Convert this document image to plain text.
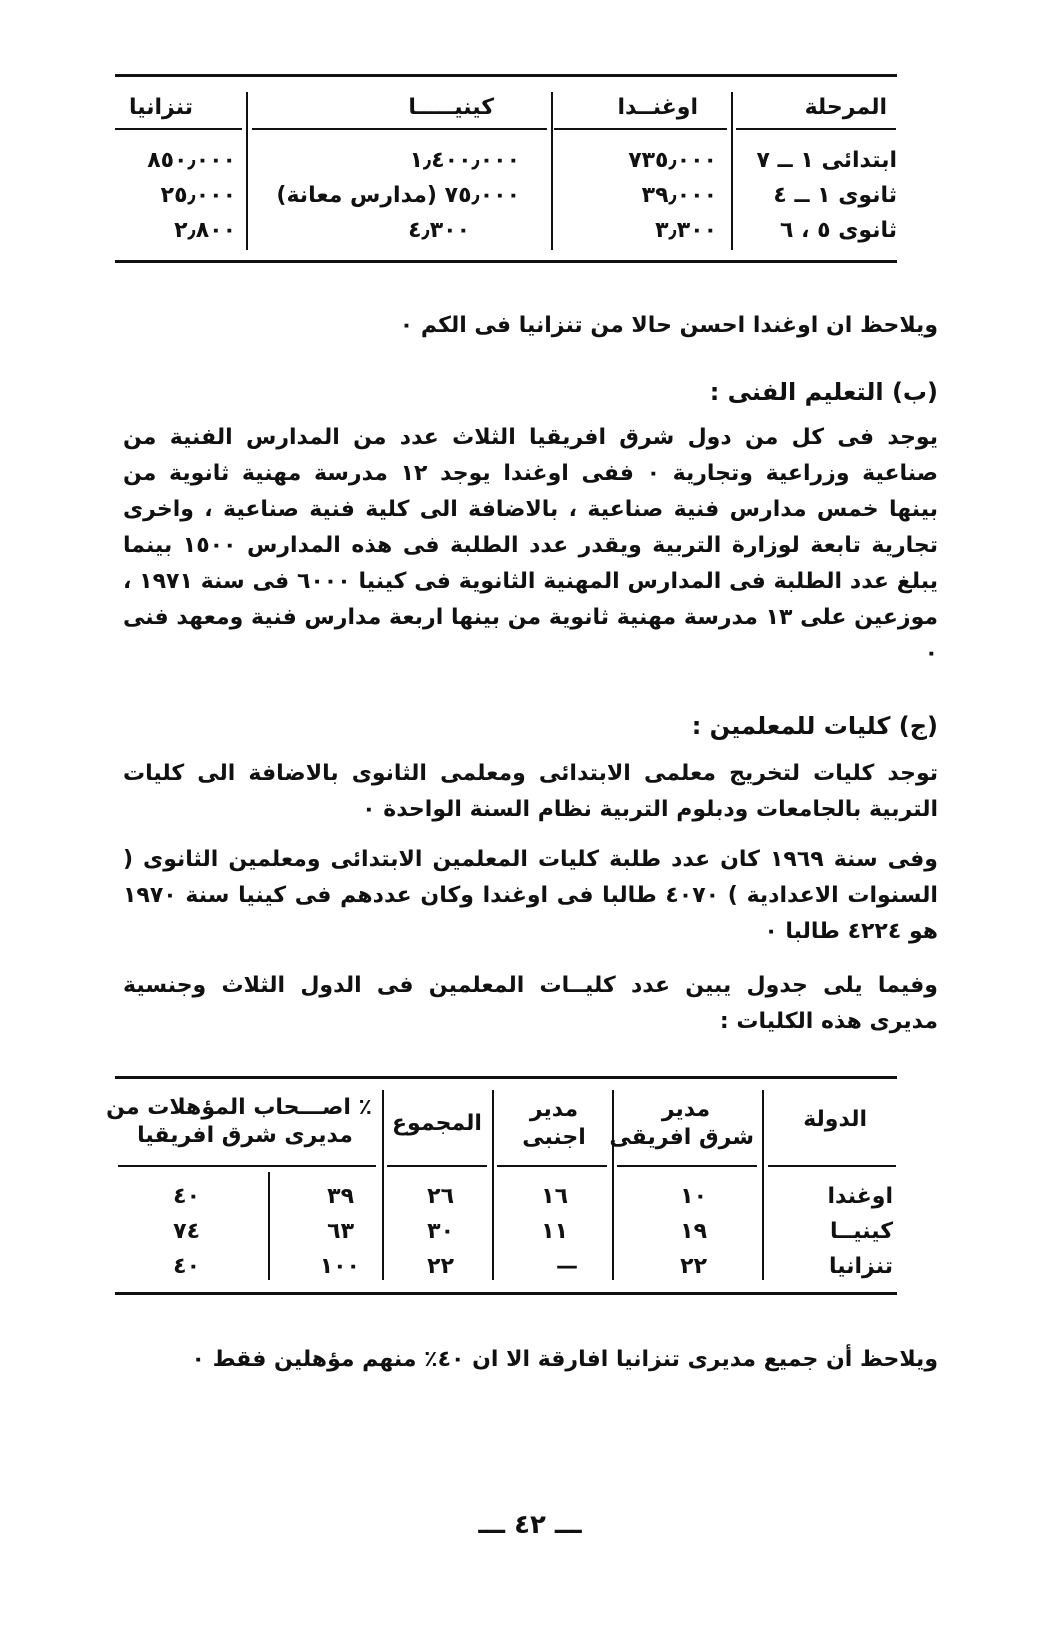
المرحلة
اوغنــدا
كينيـــــا
تنزانيا
ابتدائى ١ ــ ٧
٧٣٥٫٠٠٠
١٫٤٠٠٫٠٠٠
٨٥٠٫٠٠٠
ثانوى ١ ــ ٤
٣٩٫٠٠٠
٧٥٫٠٠٠ (مدارس معانة)
٢٥٫٠٠٠
ثانوى ٥ ، ٦
٣٫٣٠٠
٤٫٣٠٠
٢٫٨٠٠
ويلاحظ ان اوغندا احسن حالا من تنزانيا فى الكم ٠
(ب) التعليم الفنى :
يوجد فى كل من دول شرق افريقيا الثلاث عدد من المدارس الفنية من صناعية وزراعية وتجارية ٠ ففى اوغندا يوجد ١٢ مدرسة مهنية ثانوية من بينها خمس مدارس فنية صناعية ، بالاضافة الى كلية فنية صناعية ، واخرى تجارية تابعة لوزارة التربية ويقدر عدد الطلبة فى هذه المدارس ١٥٠٠ بينما يبلغ عدد الطلبة فى المدارس المهنية الثانوية فى كينيا ٦٠٠٠ فى سنة ١٩٧١ ، موزعين على ١٣ مدرسة مهنية ثانوية من بينها اربعة مدارس فنية ومعهد فنى ٠
(ج) كليات للمعلمين :
توجد كليات لتخريج معلمى الابتدائى ومعلمى الثانوى بالاضافة الى كليات التربية بالجامعات ودبلوم التربية نظام السنة الواحدة ٠
وفى سنة ١٩٦٩ كان عدد طلبة كليات المعلمين الابتدائى ومعلمين الثانوى ( السنوات الاعدادية ) ٤٠٧٠ طالبا فى اوغندا وكان عددهم فى كينيا سنة ١٩٧٠ هو ٤٢٢٤ طالبا ٠
وفيما يلى جدول يبين عدد كليــات المعلمين فى الدول الثلاث وجنسية مديرى هذه الكليات :
الدولة
مدير
شرق افريقى
مدير
اجنبى
المجموع
٪ اصـــحاب المؤهلات من
مديرى شرق افريقيا
اوغندا
١٠
١٦
٢٦
٣٩
٤٠
كينيــا
١٩
١١
٣٠
٦٣
٧٤
تنزانيا
٢٢
—
٢٢
١٠٠
٤٠
ويلاحظ أن جميع مديرى تنزانيا افارقة الا ان ٤٠٪ منهم مؤهلين فقط ٠
ـــ ٤٢ ـــ
